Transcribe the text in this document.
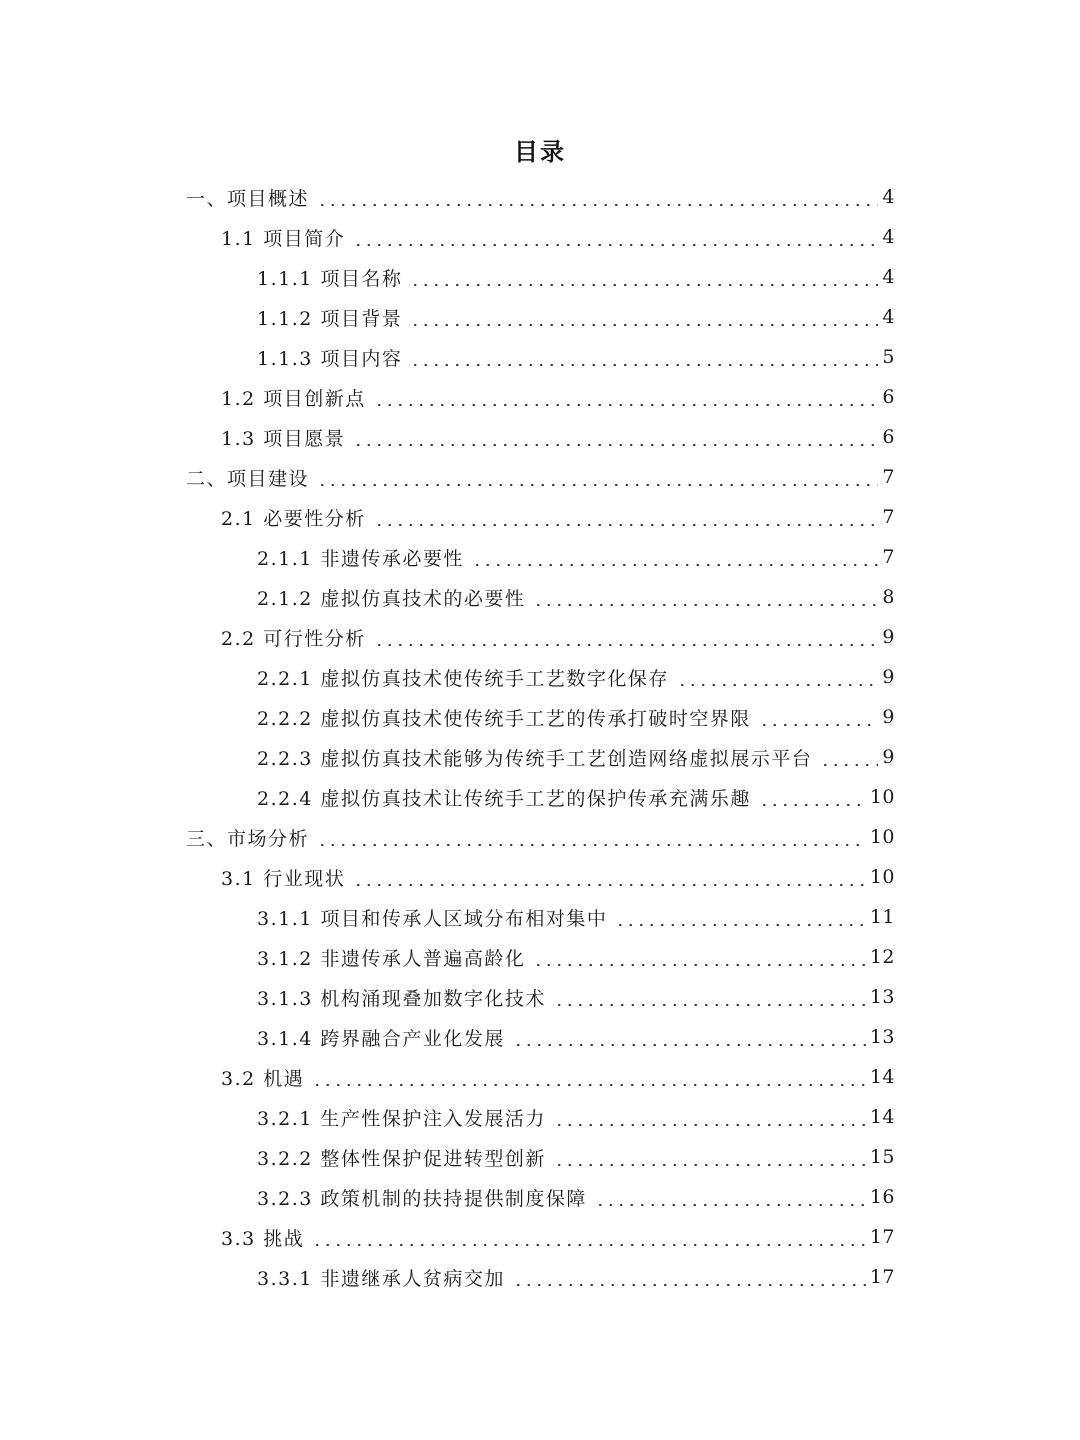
目录
一、项目概述	4
1.1 项目简介	4
1.1.1 项目名称	4
1.1.2 项目背景	4
1.1.3 项目内容	5
1.2 项目创新点	6
1.3 项目愿景	6
二、项目建设	7
2.1 必要性分析	7
2.1.1 非遗传承必要性	7
2.1.2 虚拟仿真技术的必要性	8
2.2 可行性分析	9
2.2.1 虚拟仿真技术使传统手工艺数字化保存	9
2.2.2 虚拟仿真技术使传统手工艺的传承打破时空界限	9
2.2.3 虚拟仿真技术能够为传统手工艺创造网络虚拟展示平台	9
2.2.4 虚拟仿真技术让传统手工艺的保护传承充满乐趣	10
三、市场分析	10
3.1 行业现状	10
3.1.1 项目和传承人区域分布相对集中	11
3.1.2 非遗传承人普遍高龄化	12
3.1.3 机构涌现叠加数字化技术	13
3.1.4 跨界融合产业化发展	13
3.2 机遇	14
3.2.1 生产性保护注入发展活力	14
3.2.2 整体性保护促进转型创新	15
3.2.3 政策机制的扶持提供制度保障	16
3.3 挑战	17
3.3.1 非遗继承人贫病交加	17
